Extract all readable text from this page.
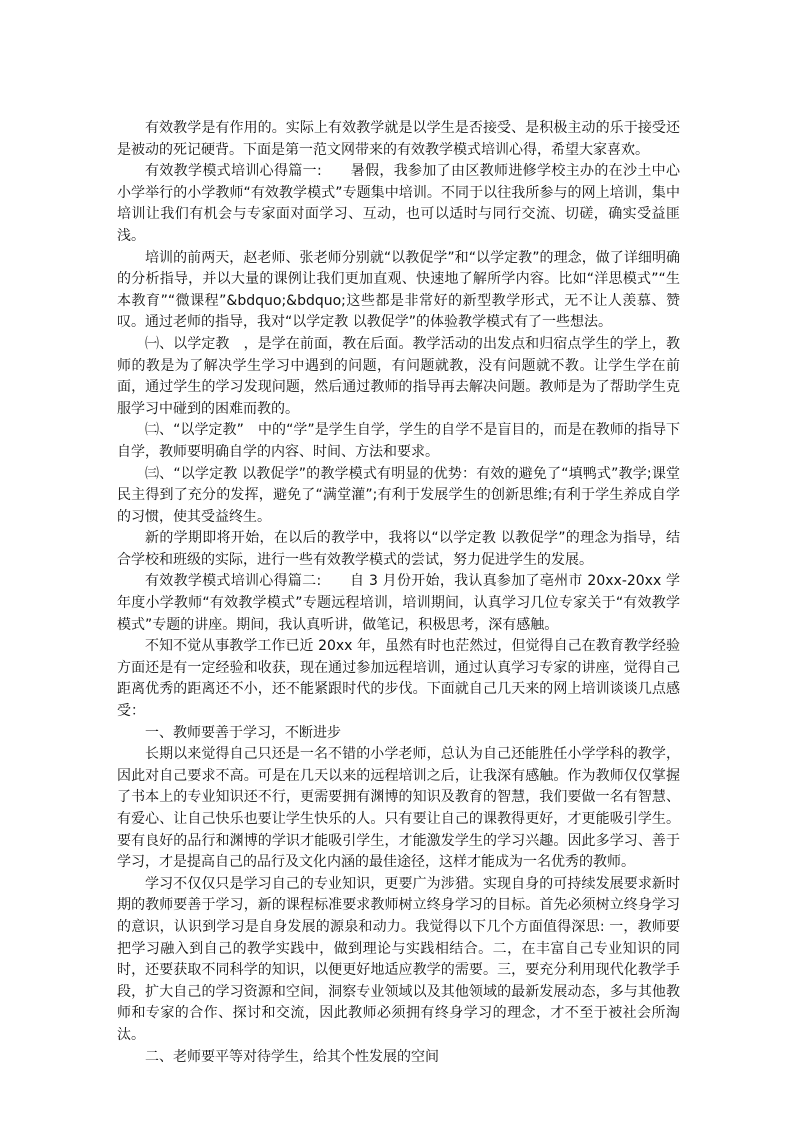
有效教学是有作用的。实际上有效教学就是以学生是否接受、是积极主动的乐于接受还是被动的死记硬背。下面是第一范文网带来的有效教学模式培训心得，希望大家喜欢。

有效教学模式培训心得篇一:　　暑假，我参加了由区教师进修学校主办的在沙土中心小学举行的小学教师“有效教学模式”专题集中培训。不同于以往我所参与的网上培训，集中培训让我们有机会与专家面对面学习、互动，也可以适时与同行交流、切磋，确实受益匪浅。

培训的前两天，赵老师、张老师分别就“以教促学”和“以学定教”的理念，做了详细明确的分析指导，并以大量的课例让我们更加直观、快速地了解所学内容。比如“洋思模式”“生本教育”“微课程”&bdquo;&bdquo;这些都是非常好的新型教学形式，无不让人羡慕、赞叹。通过老师的指导，我对“以学定教 以教促学”的体验教学模式有了一些想法。

㈠、以学定教　，是学在前面，教在后面。教学活动的出发点和归宿点学生的学上，教师的教是为了解决学生学习中遇到的问题，有问题就教，没有问题就不教。让学生学在前面，通过学生的学习发现问题，然后通过教师的指导再去解决问题。教师是为了帮助学生克服学习中碰到的困难而教的。

㈡、“以学定教”　中的“学”是学生自学，学生的自学不是盲目的，而是在教师的指导下自学，教师要明确自学的内容、时间、方法和要求。

㈢、“以学定教 以教促学”的教学模式有明显的优势：有效的避免了“填鸭式”教学;课堂民主得到了充分的发挥，避免了“满堂灌”;有利于发展学生的创新思维;有利于学生养成自学的习惯，使其受益终生。

新的学期即将开始，在以后的教学中，我将以“以学定教 以教促学”的理念为指导，结合学校和班级的实际，进行一些有效教学模式的尝试，努力促进学生的发展。

有效教学模式培训心得篇二:　　自 3 月份开始，我认真参加了亳州市 20xx-20xx 学年度小学教师“有效教学模式”专题远程培训，培训期间，认真学习几位专家关于“有效教学模式”专题的讲座。期间，我认真听讲，做笔记，积极思考，深有感触。

不知不觉从事教学工作已近 20xx 年，虽然有时也茫然过，但觉得自己在教育教学经验方面还是有一定经验和收获，现在通过参加远程培训，通过认真学习专家的讲座，觉得自己距离优秀的距离还不小，还不能紧跟时代的步伐。下面就自己几天来的网上培训谈谈几点感受：

一、教师要善于学习，不断进步

长期以来觉得自己只还是一名不错的小学老师，总认为自己还能胜任小学学科的教学，因此对自己要求不高。可是在几天以来的远程培训之后，让我深有感触。作为教师仅仅掌握了书本上的专业知识还不行，更需要拥有渊博的知识及教育的智慧，我们要做一名有智慧、有爱心、让自己快乐也要让学生快乐的人。只有要让自己的课教得更好，才更能吸引学生。要有良好的品行和渊博的学识才能吸引学生，才能激发学生的学习兴趣。因此多学习、善于学习，才是提高自己的品行及文化内涵的最佳途径，这样才能成为一名优秀的教师。

学习不仅仅只是学习自己的专业知识，更要广为涉猎。实现自身的可持续发展要求新时期的教师要善于学习，新的课程标准要求教师树立终身学习的目标。首先必须树立终身学习的意识，认识到学习是自身发展的源泉和动力。我觉得以下几个方面值得深思: 一，教师要把学习融入到自己的教学实践中，做到理论与实践相结合。二，在丰富自己专业知识的同时，还要获取不同科学的知识，以便更好地适应教学的需要。三，要充分利用现代化教学手段，扩大自己的学习资源和空间，洞察专业领域以及其他领域的最新发展动态，多与其他教师和专家的合作、探讨和交流，因此教师必须拥有终身学习的理念，才不至于被社会所淘汰。

二、老师要平等对待学生，给其个性发展的空间
